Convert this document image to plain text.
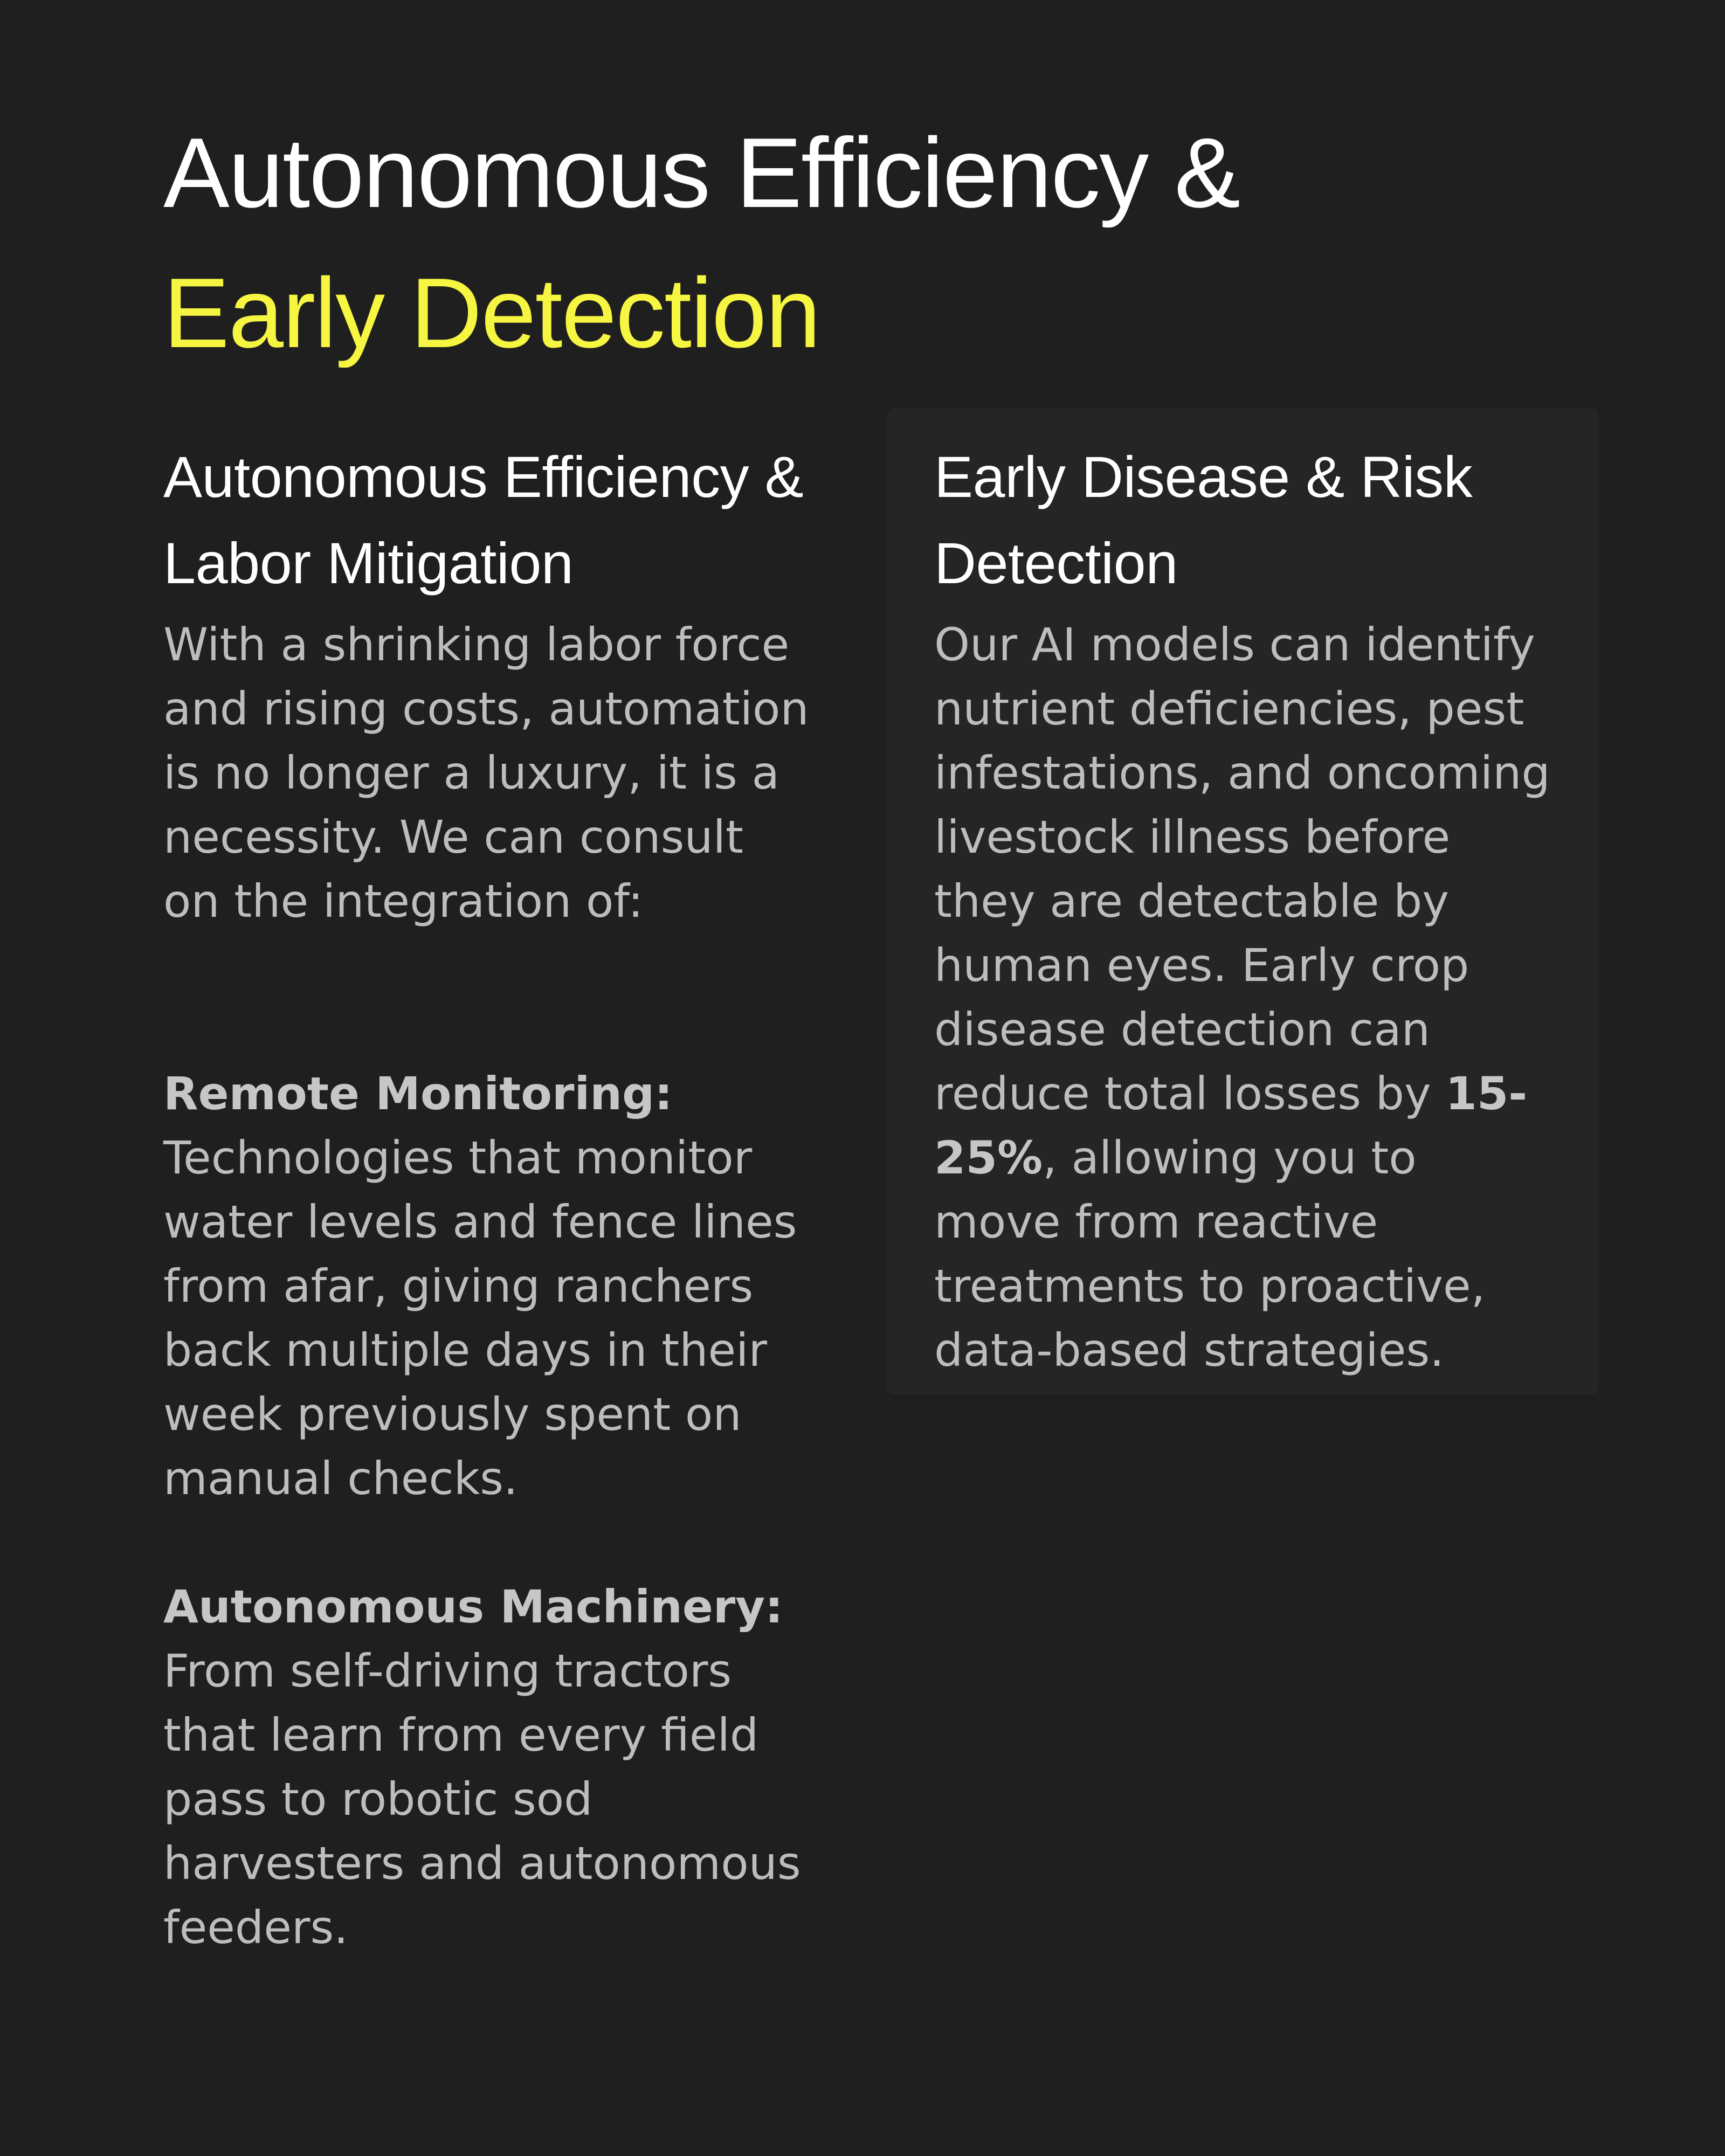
Autonomous Efficiency &
Early Detection
Autonomous Efficiency & Labor Mitigation

With a shrinking labor force and rising costs, automation is no longer a luxury, it is a necessity. We can consult on the integration of:

Remote Monitoring: Technologies that monitor water levels and fence lines from afar, giving ranchers back multiple days in their week previously spent on manual checks.

Autonomous Machinery: From self-driving tractors that learn from every field pass to robotic sod harvesters and autonomous feeders.

Early Disease & Risk Detection

Our AI models can identify nutrient deficiencies, pest infestations, and oncoming livestock illness before they are detectable by human eyes. Early crop disease detection can reduce total losses by 15-25%, allowing you to move from reactive treatments to proactive, data-based strategies.
